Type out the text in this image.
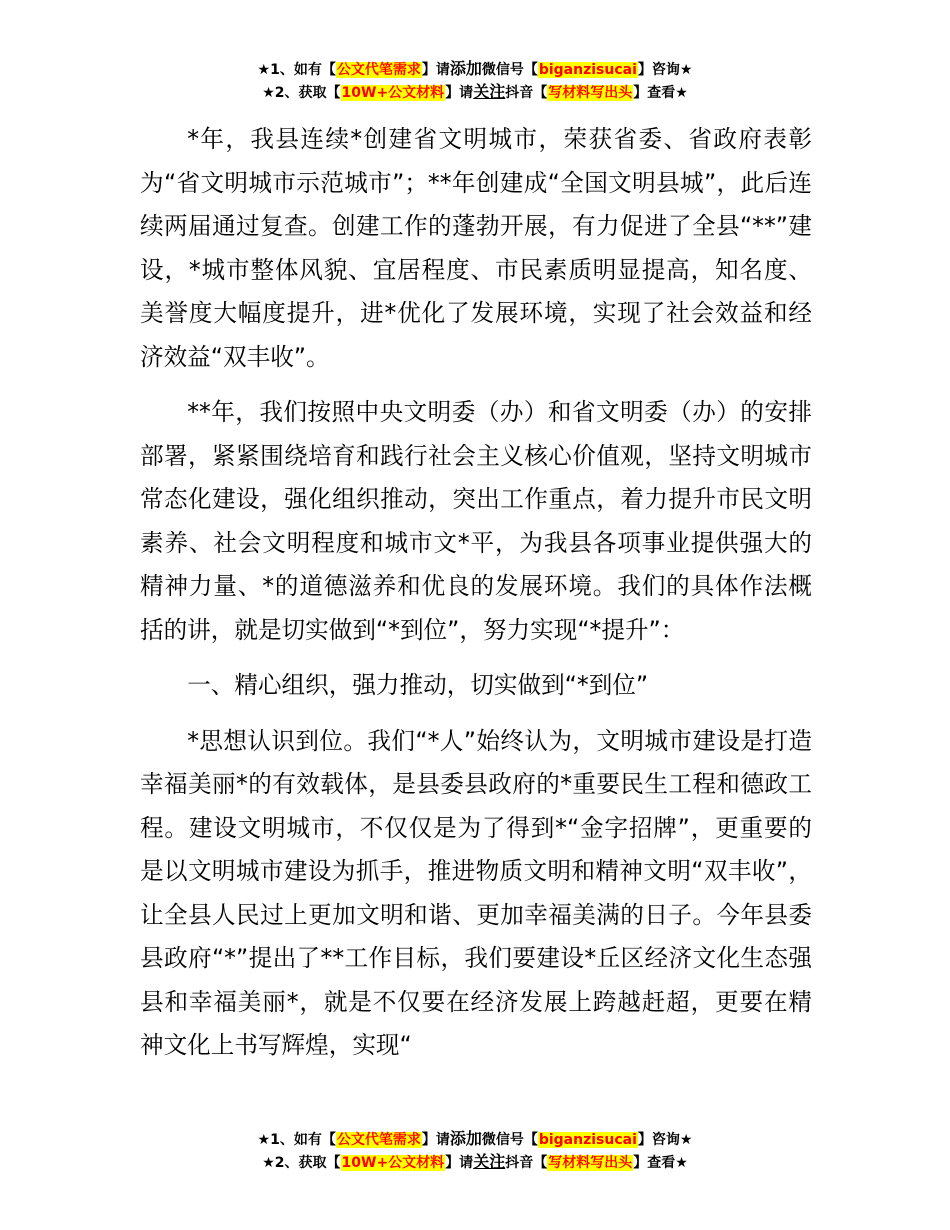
★1、如有【公文代笔需求】请添加微信号【biganzisucai】咨询★
★2、获取【10W+公文材料】请关注抖音【写材料写出头】查看★

*年，我县连续*创建省文明城市，荣获省委、省政府表彰为“省文明城市示范城市”；**年创建成“全国文明县城”，此后连续两届通过复查。创建工作的蓬勃开展，有力促进了全县“**”建设，*城市整体风貌、宜居程度、市民素质明显提高，知名度、美誉度大幅度提升，进*优化了发展环境，实现了社会效益和经济效益“双丰收”。

**年，我们按照中央文明委（办）和省文明委（办）的安排部署，紧紧围绕培育和践行社会主义核心价值观，坚持文明城市常态化建设，强化组织推动，突出工作重点，着力提升市民文明素养、社会文明程度和城市文*平，为我县各项事业提供强大的精神力量、*的道德滋养和优良的发展环境。我们的具体作法概括的讲，就是切实做到“*到位”，努力实现“*提升”：

一、精心组织，强力推动，切实做到“*到位”

*思想认识到位。我们“*人”始终认为，文明城市建设是打造幸福美丽*的有效载体，是县委县政府的*重要民生工程和德政工程。建设文明城市，不仅仅是为了得到*“金字招牌”，更重要的是以文明城市建设为抓手，推进物质文明和精神文明“双丰收”，让全县人民过上更加文明和谐、更加幸福美满的日子。今年县委县政府“*”提出了**工作目标，我们要建设*丘区经济文化生态强县和幸福美丽*，就是不仅要在经济发展上跨越赶超，更要在精神文化上书写辉煌，实现“

★1、如有【公文代笔需求】请添加微信号【biganzisucai】咨询★
★2、获取【10W+公文材料】请关注抖音【写材料写出头】查看★
